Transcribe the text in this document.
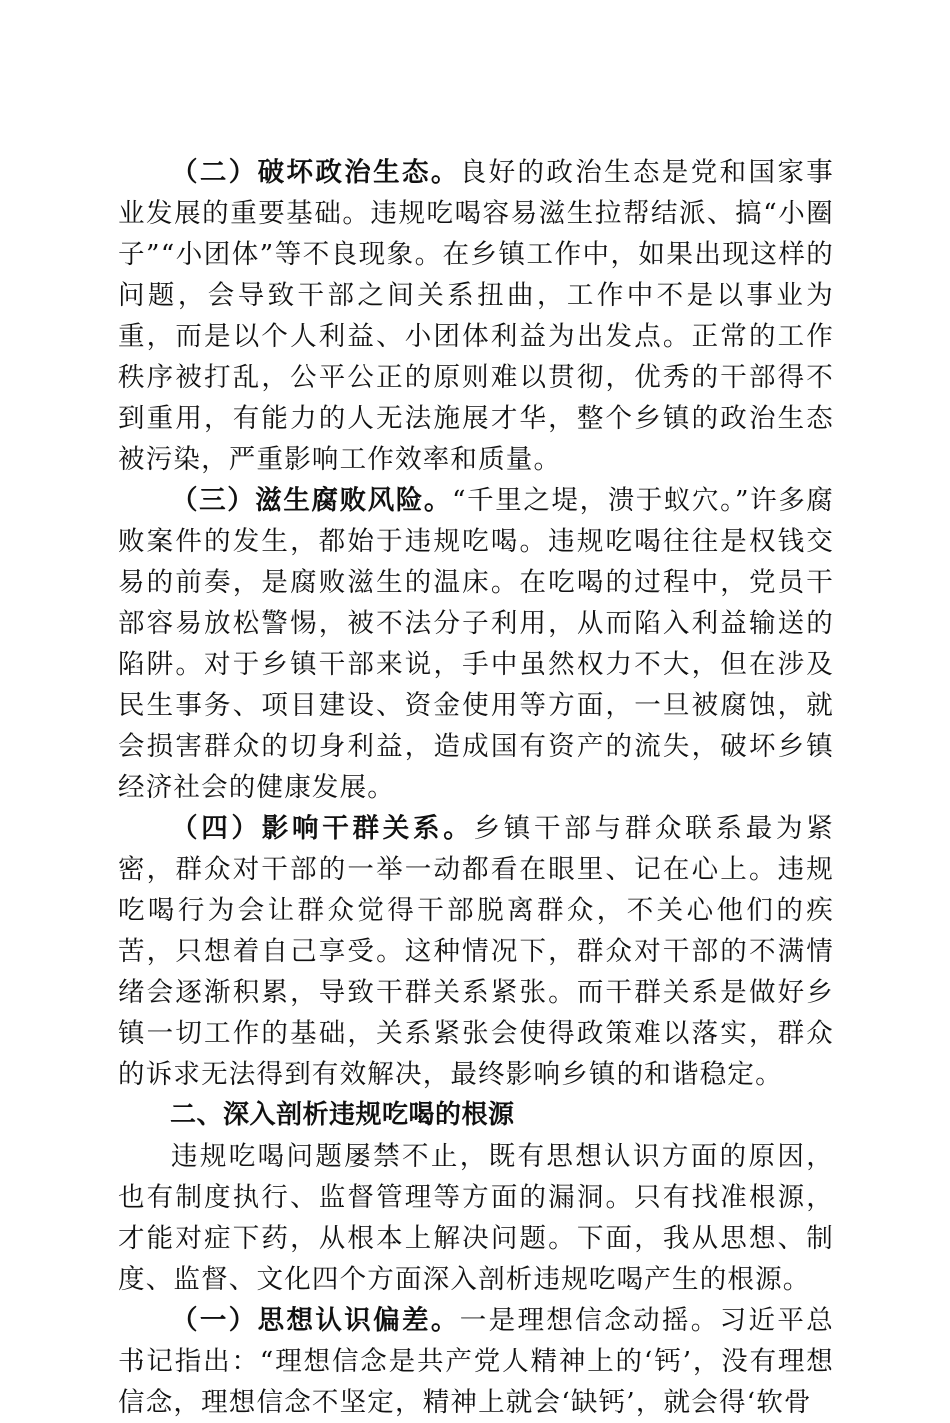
（二）破坏政治生态。良好的政治生态是党和国家事业发展的重要基础。违规吃喝容易滋生拉帮结派、搞“小圈子”“小团体”等不良现象。在乡镇工作中，如果出现这样的问题，会导致干部之间关系扭曲，工作中不是以事业为重，而是以个人利益、小团体利益为出发点。正常的工作秩序被打乱，公平公正的原则难以贯彻，优秀的干部得不到重用，有能力的人无法施展才华，整个乡镇的政治生态被污染，严重影响工作效率和质量。

（三）滋生腐败风险。“千里之堤，溃于蚁穴。”许多腐败案件的发生，都始于违规吃喝。违规吃喝往往是权钱交易的前奏，是腐败滋生的温床。在吃喝的过程中，党员干部容易放松警惕，被不法分子利用，从而陷入利益输送的陷阱。对于乡镇干部来说，手中虽然权力不大，但在涉及民生事务、项目建设、资金使用等方面，一旦被腐蚀，就会损害群众的切身利益，造成国有资产的流失，破坏乡镇经济社会的健康发展。

（四）影响干群关系。乡镇干部与群众联系最为紧密，群众对干部的一举一动都看在眼里、记在心上。违规吃喝行为会让群众觉得干部脱离群众，不关心他们的疾苦，只想着自己享受。这种情况下，群众对干部的不满情绪会逐渐积累，导致干群关系紧张。而干群关系是做好乡镇一切工作的基础，关系紧张会使得政策难以落实，群众的诉求无法得到有效解决，最终影响乡镇的和谐稳定。

二、深入剖析违规吃喝的根源

违规吃喝问题屡禁不止，既有思想认识方面的原因，也有制度执行、监督管理等方面的漏洞。只有找准根源，才能对症下药，从根本上解决问题。下面，我从思想、制度、监督、文化四个方面深入剖析违规吃喝产生的根源。

（一）思想认识偏差。一是理想信念动摇。习近平总书记指出：“理想信念是共产党人精神上的‘钙’，没有理想信念，理想信念不坚定，精神上就会‘缺钙’，就会得‘软骨
